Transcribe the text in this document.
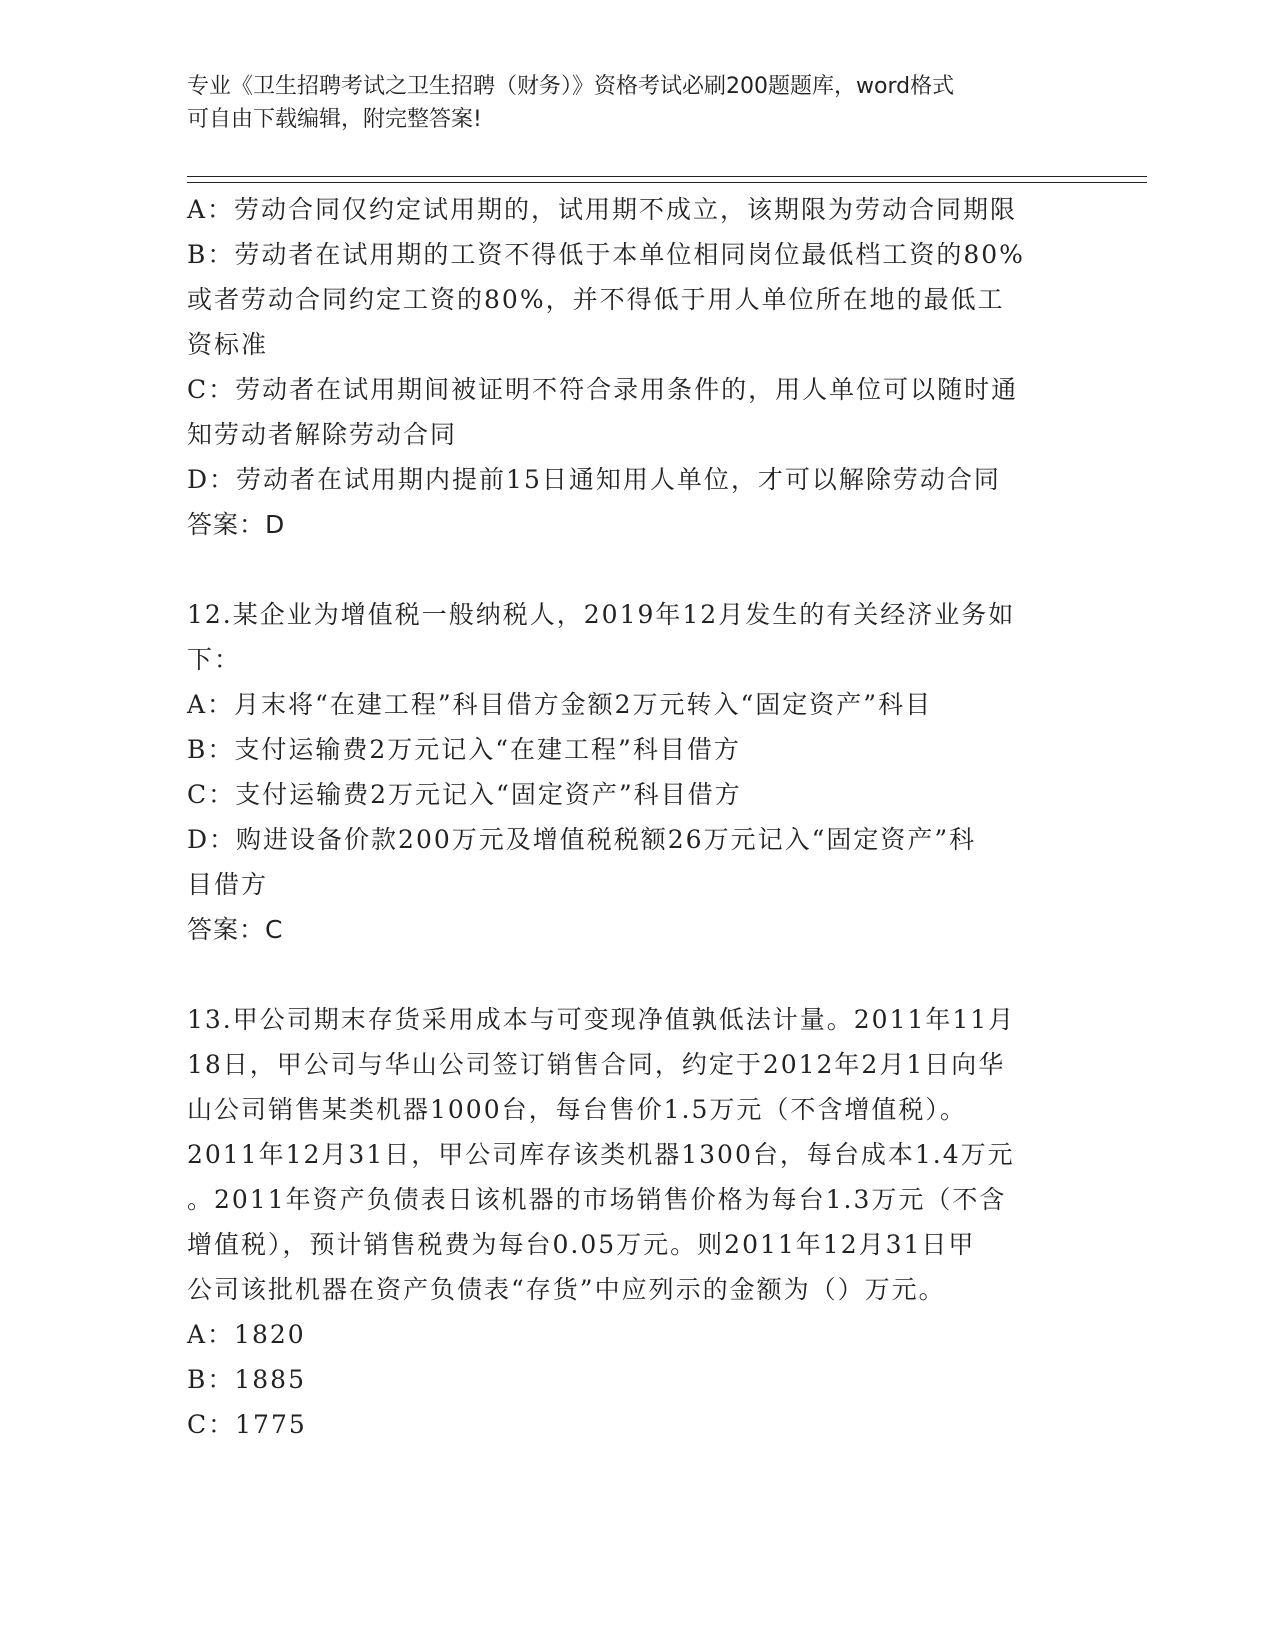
专业《卫生招聘考试之卫生招聘（财务）》资格考试必刷200题题库，word格式
可自由下载编辑，附完整答案!
A：劳动合同仅约定试用期的，试用期不成立，该期限为劳动合同期限
B：劳动者在试用期的工资不得低于本单位相同岗位最低档工资的80%
或者劳动合同约定工资的80%，并不得低于用人单位所在地的最低工
资标准
C：劳动者在试用期间被证明不符合录用条件的，用人单位可以随时通
知劳动者解除劳动合同
D：劳动者在试用期内提前15日通知用人单位，才可以解除劳动合同
答案：D
12.某企业为增值税一般纳税人，2019年12月发生的有关经济业务如
下：
A：月末将“在建工程”科目借方金额2万元转入“固定资产”科目
B：支付运输费2万元记入“在建工程”科目借方
C：支付运输费2万元记入“固定资产”科目借方
D：购进设备价款200万元及增值税税额26万元记入“固定资产”科
目借方
答案：C
13.甲公司期末存货采用成本与可变现净值孰低法计量。2011年11月
18日，甲公司与华山公司签订销售合同，约定于2012年2月1日向华
山公司销售某类机器1000台，每台售价1.5万元（不含增值税）。
2011年12月31日，甲公司库存该类机器1300台，每台成本1.4万元
。2011年资产负债表日该机器的市场销售价格为每台1.3万元（不含
增值税），预计销售税费为每台0.05万元。则2011年12月31日甲
公司该批机器在资产负债表“存货”中应列示的金额为（）万元。
A：1820
B：1885
C：1775
